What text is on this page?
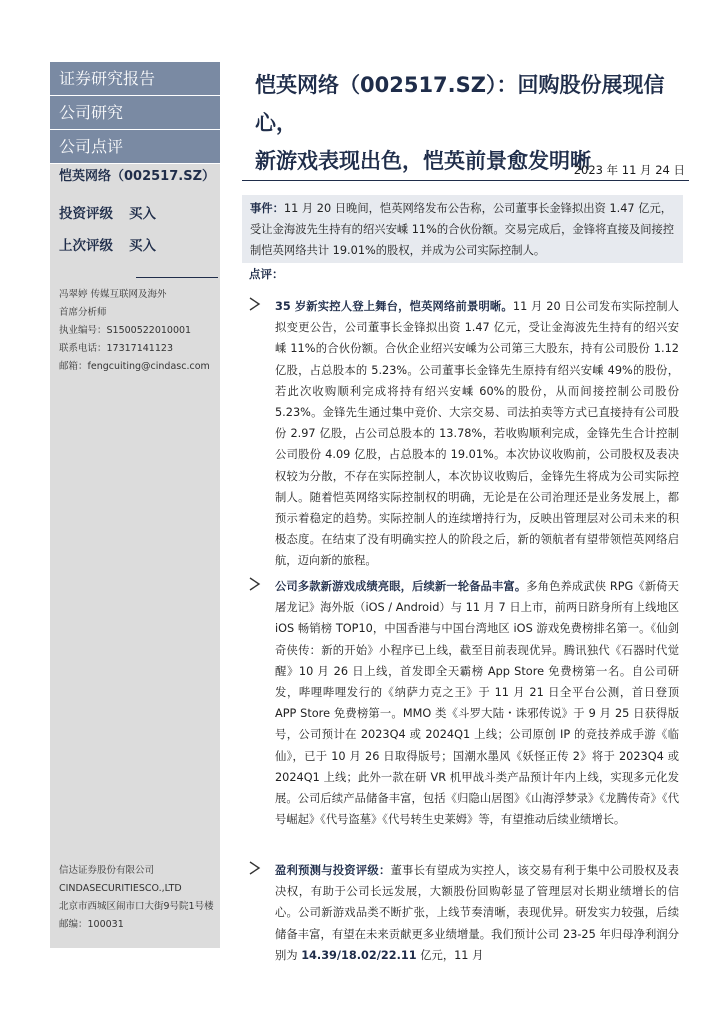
证券研究报告
公司研究
公司点评
恺英网络（002517.SZ）
投资评级 买入
上次评级 买入
冯翠婷 传媒互联网及海外
首席分析师
执业编号：S1500522010001
联系电话：17317141123
邮箱：fengcuiting@cindasc.com
信达证券股份有限公司
CINDASECURITIESCO.,LTD
北京市西城区闹市口大街9号院1号楼
邮编：100031
恺英网络（002517.SZ）：回购股份展现信心，
新游戏表现出色，恺英前景愈发明晰
2023 年 11 月 24 日
事件：11 月 20 日晚间，恺英网络发布公告称，公司董事长金锋拟出资 1.47 亿元，受让金海波先生持有的绍兴安嵊 11%的合伙份额。交易完成后，金锋将直接及间接控制恺英网络共计 19.01%的股权，并成为公司实际控制人。
点评：
35 岁新实控人登上舞台，恺英网络前景明晰。11 月 20 日公司发布实际控制人拟变更公告，公司董事长金锋拟出资 1.47 亿元，受让金海波先生持有的绍兴安嵊 11%的合伙份额。合伙企业绍兴安嵊为公司第三大股东，持有公司股份 1.12 亿股，占总股本的 5.23%。公司董事长金锋先生原持有绍兴安嵊 49%的股份，若此次收购顺利完成将持有绍兴安嵊 60%的股份，从而间接控制公司股份 5.23%。金锋先生通过集中竞价、大宗交易、司法拍卖等方式已直接持有公司股份 2.97 亿股，占公司总股本的 13.78%，若收购顺利完成，金锋先生合计控制公司股份 4.09 亿股，占总股本的 19.01%。本次协议收购前，公司股权及表决权较为分散，不存在实际控制人，本次协议收购后，金锋先生将成为公司实际控制人。随着恺英网络实际控制权的明确，无论是在公司治理还是业务发展上，都预示着稳定的趋势。实际控制人的连续增持行为，反映出管理层对公司未来的积极态度。在结束了没有明确实控人的阶段之后，新的领航者有望带领恺英网络启航，迈向新的旅程。
公司多款新游戏成绩亮眼，后续新一轮备品丰富。多角色养成武侠 RPG《新倚天屠龙记》海外版（iOS / Android）与 11 月 7 日上市，前两日跻身所有上线地区 iOS 畅销榜 TOP10，中国香港与中国台湾地区 iOS 游戏免费榜排名第一。《仙剑奇侠传：新的开始》小程序已上线，截至目前表现优异。腾讯独代《石器时代觉醒》10 月 26 日上线，首发即全天霸榜 App Store 免费榜第一名。自公司研发，哔哩哔哩发行的《纳萨力克之王》于 11 月 21 日全平台公测，首日登顶 APP Store 免费榜第一。MMO 类《斗罗大陆・诛邪传说》于 9 月 25 日获得版号，公司预计在 2023Q4 或 2024Q1 上线；公司原创 IP 的竞技养成手游《临仙》，已于 10 月 26 日取得版号；国潮水墨风《妖怪正传 2》将于 2023Q4 或 2024Q1 上线；此外一款在研 VR 机甲战斗类产品预计年内上线，实现多元化发展。公司后续产品储备丰富，包括《归隐山居图》《山海浮梦录》《龙腾传奇》《代号崛起》《代号盗墓》《代号转生史莱姆》等，有望推动后续业绩增长。
盈利预测与投资评级：董事长有望成为实控人，该交易有利于集中公司股权及表决权，有助于公司长远发展，大额股份回购彰显了管理层对长期业绩增长的信心。公司新游戏品类不断扩张，上线节奏清晰，表现优异。研发实力较强，后续储备丰富，有望在未来贡献更多业绩增量。我们预计公司 23-25 年归母净利润分别为 14.39/18.02/22.11 亿元，11 月
